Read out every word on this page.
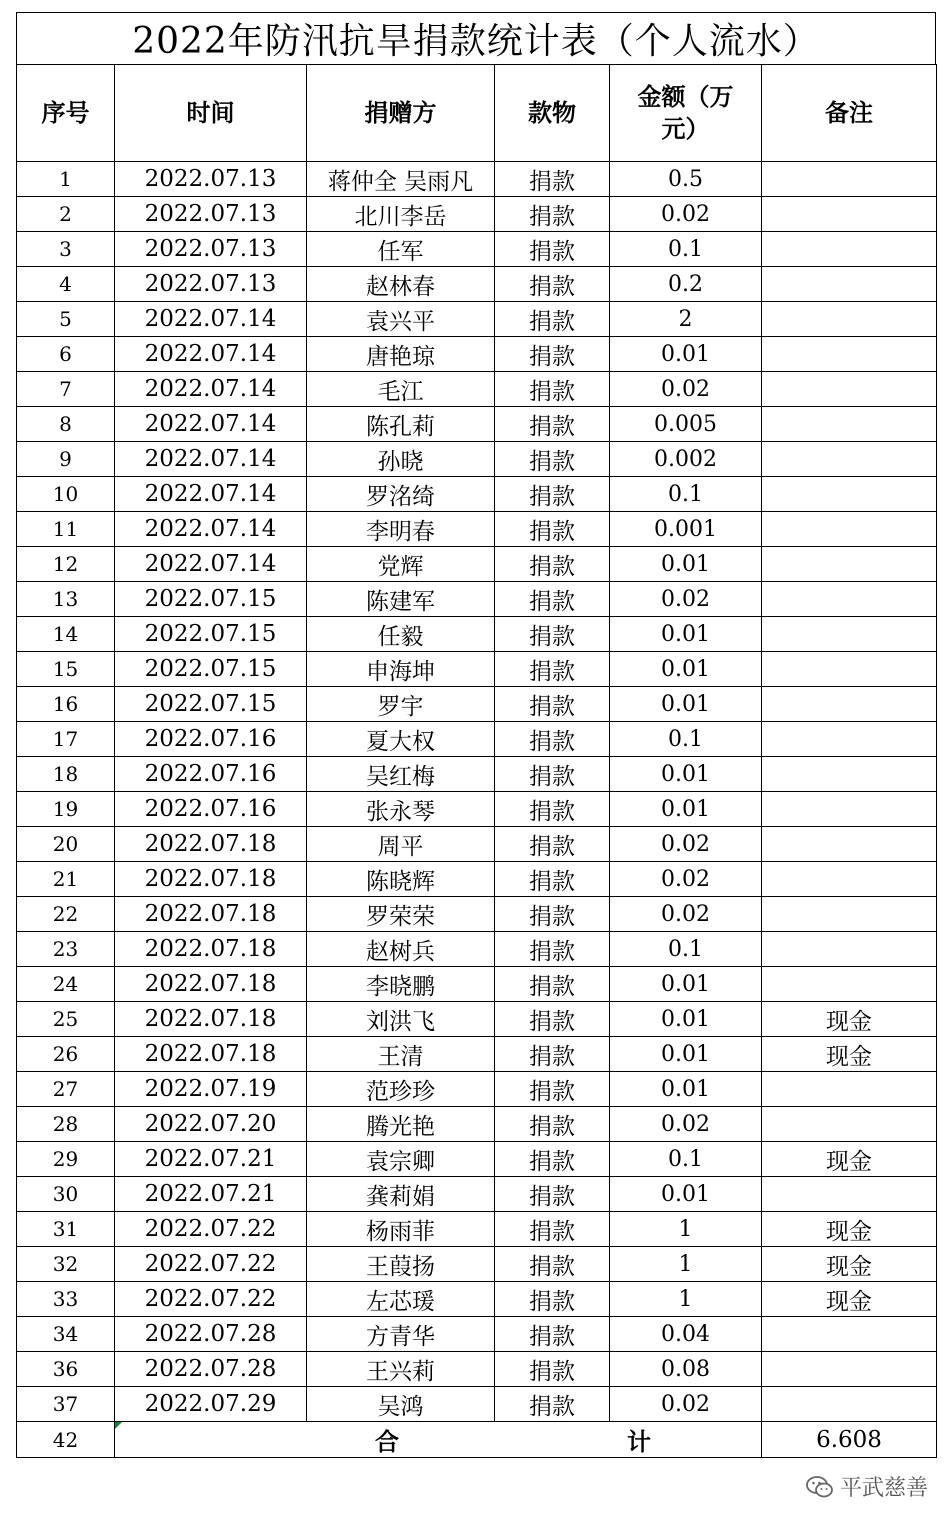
2022年防汛抗旱捐款统计表（个人流水）
序号	时间	捐赠方	款物	金额（万元）	备注
1	2022.07.13	蒋仲全 吴雨凡	捐款	0.5	
2	2022.07.13	北川李岳	捐款	0.02	
3	2022.07.13	任军	捐款	0.1	
4	2022.07.13	赵林春	捐款	0.2	
5	2022.07.14	袁兴平	捐款	2	
6	2022.07.14	唐艳琼	捐款	0.01	
7	2022.07.14	毛江	捐款	0.02	
8	2022.07.14	陈孔莉	捐款	0.005	
9	2022.07.14	孙晓	捐款	0.002	
10	2022.07.14	罗洺绮	捐款	0.1	
11	2022.07.14	李明春	捐款	0.001	
12	2022.07.14	党辉	捐款	0.01	
13	2022.07.15	陈建军	捐款	0.02	
14	2022.07.15	任毅	捐款	0.01	
15	2022.07.15	申海坤	捐款	0.01	
16	2022.07.15	罗宇	捐款	0.01	
17	2022.07.16	夏大权	捐款	0.1	
18	2022.07.16	吴红梅	捐款	0.01	
19	2022.07.16	张永琴	捐款	0.01	
20	2022.07.18	周平	捐款	0.02	
21	2022.07.18	陈晓辉	捐款	0.02	
22	2022.07.18	罗荣荣	捐款	0.02	
23	2022.07.18	赵树兵	捐款	0.1	
24	2022.07.18	李晓鹏	捐款	0.01	
25	2022.07.18	刘洪飞	捐款	0.01	现金
26	2022.07.18	王清	捐款	0.01	现金
27	2022.07.19	范珍珍	捐款	0.01	
28	2022.07.20	腾光艳	捐款	0.02	
29	2022.07.21	袁宗卿	捐款	0.1	现金
30	2022.07.21	龚莉娟	捐款	0.01	
31	2022.07.22	杨雨菲	捐款	1	现金
32	2022.07.22	王葭扬	捐款	1	现金
33	2022.07.22	左芯瑗	捐款	1	现金
34	2022.07.28	方青华	捐款	0.04	
36	2022.07.28	王兴莉	捐款	0.08	
37	2022.07.29	吴鸿	捐款	0.02	
42	合 计				6.608
平武慈善
